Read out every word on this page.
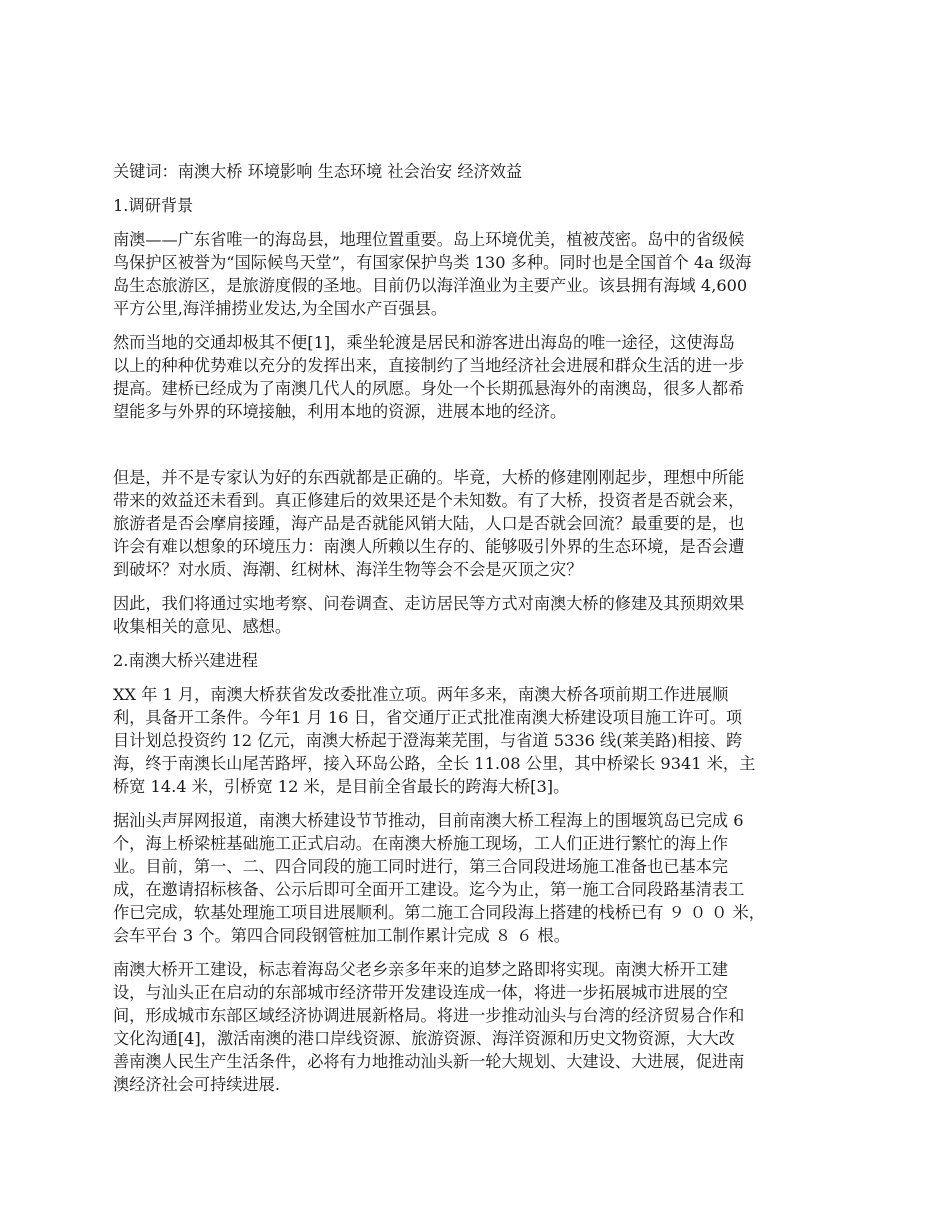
关键词：南澳大桥 环境影响 生态环境 社会治安 经济效益
1.调研背景
南澳——广东省唯一的海岛县，地理位置重要。岛上环境优美，植被茂密。岛中的省级候
鸟保护区被誉为“国际候鸟天堂”，有国家保护鸟类 130 多种。同时也是全国首个 4a 级海
岛生态旅游区，是旅游度假的圣地。目前仍以海洋渔业为主要产业。该县拥有海域 4,600
平方公里,海洋捕捞业发达,为全国水产百强县。
然而当地的交通却极其不便[1]，乘坐轮渡是居民和游客进出海岛的唯一途径，这使海岛
以上的种种优势难以充分的发挥出来，直接制约了当地经济社会进展和群众生活的进一步
提高。建桥已经成为了南澳几代人的夙愿。身处一个长期孤悬海外的南澳岛，很多人都希
望能多与外界的环境接触，利用本地的资源，进展本地的经济。
但是，并不是专家认为好的东西就都是正确的。毕竟，大桥的修建刚刚起步，理想中所能
带来的效益还未看到。真正修建后的效果还是个未知数。有了大桥，投资者是否就会来，
旅游者是否会摩肩接踵，海产品是否就能风销大陆，人口是否就会回流？最重要的是，也
许会有难以想象的环境压力：南澳人所赖以生存的、能够吸引外界的生态环境，是否会遭
到破坏？对水质、海潮、红树林、海洋生物等会不会是灭顶之灾？
因此，我们将通过实地考察、问卷调查、走访居民等方式对南澳大桥的修建及其预期效果
收集相关的意见、感想。
2.南澳大桥兴建进程
XX 年 1 月，南澳大桥获省发改委批准立项。两年多来，南澳大桥各项前期工作进展顺
利，具备开工条件。今年1 月 16 日，省交通厅正式批准南澳大桥建设项目施工许可。项
目计划总投资约 12 亿元，南澳大桥起于澄海莱芜围，与省道 5336 线(莱美路)相接、跨
海，终于南澳长山尾苦路坪，接入环岛公路，全长 11.08 公里，其中桥梁长 9341 米，主
桥宽 14.4 米，引桥宽 12 米，是目前全省最长的跨海大桥[3]。
据汕头声屏网报道，南澳大桥建设节节推动，目前南澳大桥工程海上的围堰筑岛已完成 6
个，海上桥梁桩基础施工正式启动。在南澳大桥施工现场，工人们正进行繁忙的海上作
业。目前，第一、二、四合同段的施工同时进行，第三合同段进场施工准备也已基本完
成，在邀请招标核备、公示后即可全面开工建设。迄今为止，第一施工合同段路基清表工
作已完成，软基处理施工项目进展顺利。第二施工合同段海上搭建的栈桥已有 ９ ０ ０ 米，
会车平台 3 个。第四合同段钢管桩加工制作累计完成 ８ ６ 根。
南澳大桥开工建设，标志着海岛父老乡亲多年来的追梦之路即将实现。南澳大桥开工建
设，与汕头正在启动的东部城市经济带开发建设连成一体，将进一步拓展城市进展的空
间，形成城市东部区域经济协调进展新格局。将进一步推动汕头与台湾的经济贸易合作和
文化沟通[4]，激活南澳的港口岸线资源、旅游资源、海洋资源和历史文物资源，大大改
善南澳人民生产生活条件，必将有力地推动汕头新一轮大规划、大建设、大进展，促进南
澳经济社会可持续进展.
